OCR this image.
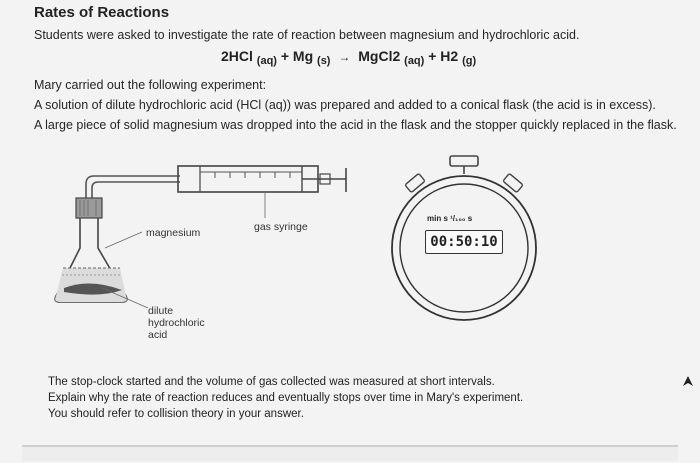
Rates of Reactions
Students were asked to investigate the rate of reaction between magnesium and hydrochloric acid.
2HCl $_{(aq)}$ + Mg $_{(s)}$ → MgCl2 $_{(aq)}$ + H2 $_{(g)}$
Mary carried out the following experiment:
A solution of dilute hydrochloric acid (HCl (aq)) was prepared and added to a conical flask (the acid is in excess).
A large piece of solid magnesium was dropped into the acid in the flask and the stopper quickly replaced in the flask.
magnesium	gas syringe
dilute
hydrochloric
acid
min s ¹/₁₀₀ s
00:50:10
The stop-clock started and the volume of gas collected was measured at short intervals.
Explain why the rate of reaction reduces and eventually stops over time in Mary's experiment.
You should refer to collision theory in your answer.
